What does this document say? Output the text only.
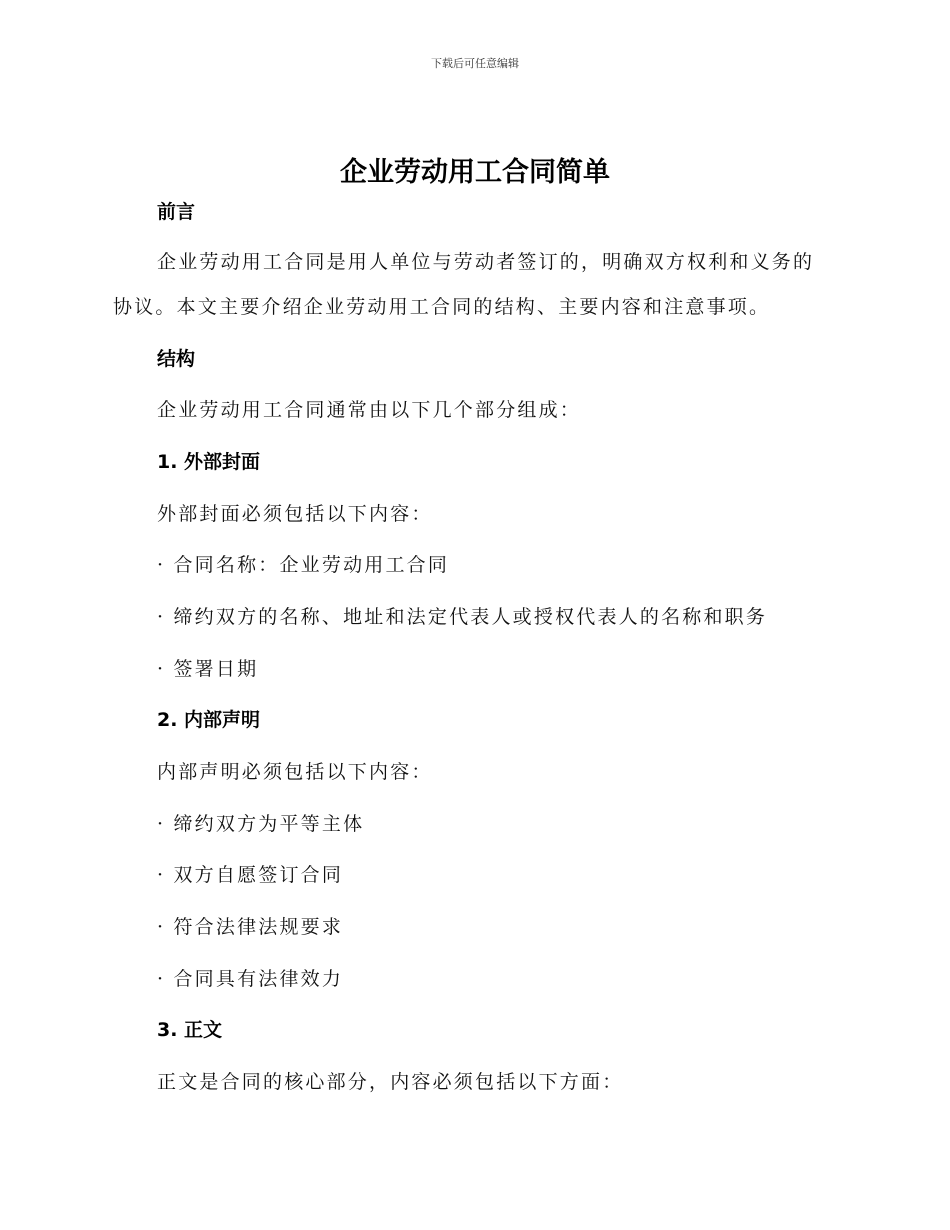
下载后可任意编辑
企业劳动用工合同简单
前言

企业劳动用工合同是用人单位与劳动者签订的，明确双方权利和义务的协议。本文主要介绍企业劳动用工合同的结构、主要内容和注意事项。

结构
企业劳动用工合同通常由以下几个部分组成：
1. 外部封面
外部封面必须包括以下内容：
· 合同名称：企业劳动用工合同
· 缔约双方的名称、地址和法定代表人或授权代表人的名称和职务
· 签署日期
2. 内部声明
内部声明必须包括以下内容：
· 缔约双方为平等主体
· 双方自愿签订合同
· 符合法律法规要求
· 合同具有法律效力
3. 正文
正文是合同的核心部分，内容必须包括以下方面：
